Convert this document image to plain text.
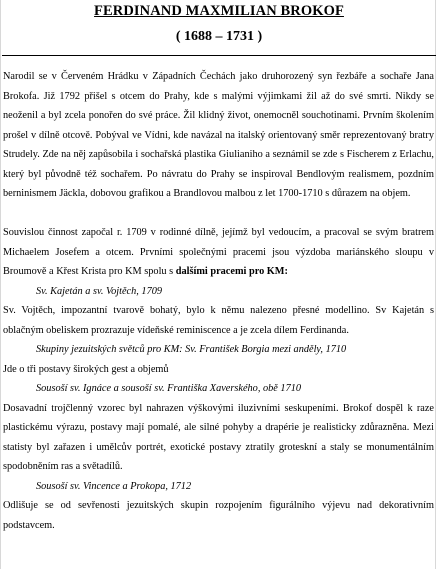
FERDINAND MAXMILIAN BROKOF
( 1688 – 1731 )

Narodil se v Červeném Hrádku v Západních Čechách jako druhorozený syn řezbáře a sochaře Jana Brokofa. Již 1792 přišel s otcem do Prahy, kde s malými výjimkami žil až do své smrti. Nikdy se neoženil a byl zcela ponořen do své práce. Žil klidný život, onemocněl souchotinami. Prvním školením prošel v dílně otcově. Pobýval ve Vídni, kde navázal na italský orientovaný směr reprezentovaný bratry Strudely. Zde na něj zapůsobila i sochařská plastika Giulianiho a seznámil se zde s Fischerem z Erlachu, který byl původně též sochařem. Po návratu do Prahy se inspiroval Bendlovým realismem, pozdním berninismem Jäckla, dobovou grafikou a Brandlovou malbou z let 1700-1710 s důrazem na objem.

Souvislou činnost započal r. 1709 v rodinné dílně, jejímž byl vedoucím, a pracoval se svým bratrem Michaelem Josefem a otcem. Prvními společnými pracemi jsou výzdoba mariánského sloupu v Broumově a Křest Krista pro KM spolu s dalšími pracemi pro KM:

Sv. Kajetán a sv. Vojtěch, 1709

Sv. Vojtěch, impozantní tvarově bohatý, bylo k němu nalezeno přesné modellino. Sv Kajetán s oblačným obeliskem prozrazuje vídeňské reminiscence a je zcela dílem Ferdinanda.

Skupiny jezuitských světců pro KM: Sv. František Borgia mezi anděly, 1710

Jde o tři postavy širokých gest a objemů

Sousoší sv. Ignáce a sousoší sv. Františka Xaverského, obě 1710

Dosavadní trojčlenný vzorec byl nahrazen výškovými iluzivními seskupeními. Brokof dospěl k raze plastickému výrazu, postavy mají pomalé, ale silné pohyby a drapérie je realisticky zdůrazněna. Mezi statisty byl zařazen i umělcův portrét, exotické postavy ztratily groteskní a staly se monumentálním spodobněním ras a světadílů.

Sousoší sv. Vincence a Prokopa, 1712

Odlišuje se od sevřenosti jezuitských skupin rozpojením figurálního výjevu nad dekorativním podstavcem.
